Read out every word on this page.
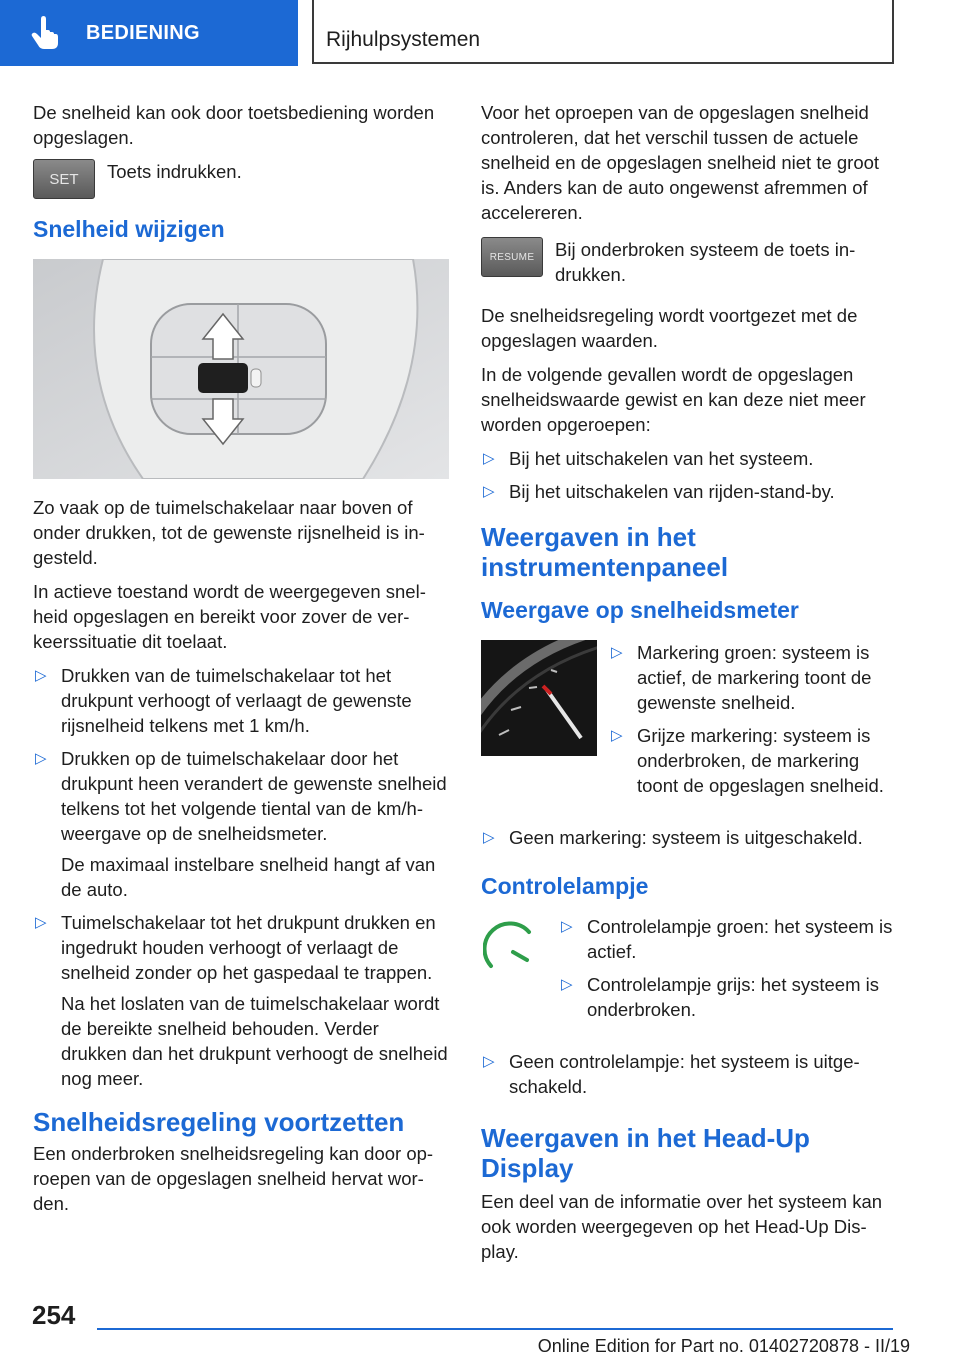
BEDIENING	Rijhulpsystemen

De snelheid kan ook door toetsbediening worden opgeslagen.

SET Toets indrukken.
Snelheid wijzigen

Zo vaak op de tuimelschakelaar naar boven of onder drukken, tot de gewenste rijsnelheid is ingesteld.

In actieve toestand wordt de weergegeven snelheid opgeslagen en bereikt voor zover de verkeerssituatie dit toelaat.

▷ Drukken van de tuimelschakelaar tot het drukpunt verhoogt of verlaagt de gewenste rijsnelheid telkens met 1 km/h.
▷ Drukken op de tuimelschakelaar door het drukpunt heen verandert de gewenste snelheid telkens tot het volgende tiental van de km/h-weergave op de snelheidsmeter.

De maximaal instelbare snelheid hangt af van de auto.

▷ Tuimelschakelaar tot het drukpunt drukken en ingedrukt houden verhoogt of verlaagt de snelheid zonder op het gaspedaal te trappen.

Na het loslaten van de tuimelschakelaar wordt de bereikte snelheid behouden. Verder drukken dan het drukpunt verhoogt de snelheid nog meer.

Snelheidsregeling voortzetten

Een onderbroken snelheidsregeling kan door oproepen van de opgeslagen snelheid hervat worden.

Voor het oproepen van de opgeslagen snelheid controleren, dat het verschil tussen de actuele snelheid en de opgeslagen snelheid niet te groot is. Anders kan de auto ongewenst afremmen of accelereren.

RESUME Bij onderbroken systeem de toets indrukken.

De snelheidsregeling wordt voortgezet met de opgeslagen waarden.

In de volgende gevallen wordt de opgeslagen snelheidswaarde gewist en kan deze niet meer worden opgeroepen:

▷ Bij het uitschakelen van het systeem.
▷ Bij het uitschakelen van rijden-stand-by.
Weergaven in het instrumentenpaneel
Weergave op snelheidsmeter
▷ Markering groen: systeem is actief, de markering toont de gewenste snelheid.
▷ Grijze markering: systeem is onderbroken, de markering toont de opgeslagen snelheid.
▷ Geen markering: systeem is uitgeschakeld.
Controlelampje
▷ Controlelampje groen: het systeem is actief.
▷ Controlelampje grijs: het systeem is onderbroken.
▷ Geen controlelampje: het systeem is uitgeschakeld.
Weergaven in het Head-Up Display

Een deel van de informatie over het systeem kan ook worden weergegeven op het Head-Up Display.

254
Online Edition for Part no. 01402720878 - II/19
